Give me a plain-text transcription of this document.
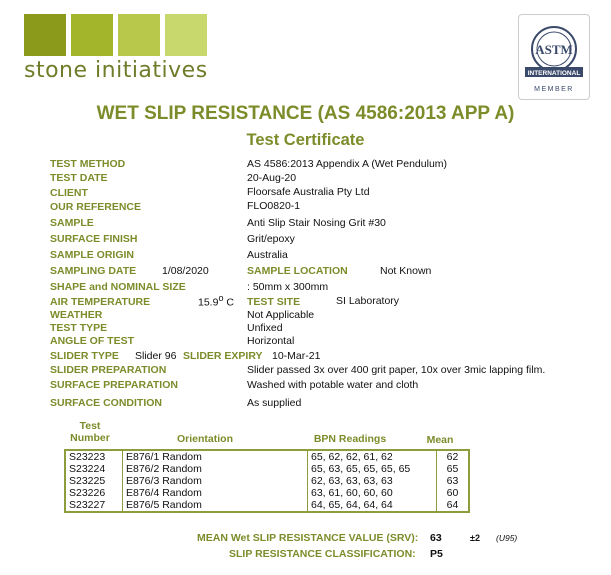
stone initiatives
ASTM
INTERNATIONAL
MEMBER
WET SLIP RESISTANCE (AS 4586:2013 APP A)
Test Certificate
TEST METHOD	AS 4586:2013 Appendix A (Wet Pendulum)
TEST DATE	20-Aug-20
CLIENT	Floorsafe Australia Pty Ltd
OUR REFERENCE	FLO0820-1
SAMPLE	Anti Slip Stair Nosing Grit #30
SURFACE FINISH	Grit/epoxy
SAMPLE ORIGIN	Australia
SAMPLING DATE 1/08/2020	SAMPLE LOCATION	Not Known
SHAPE and NOMINAL SIZE	: 50mm x 300mm
AIR TEMPERATURE	15.9$^o$ C TEST SITE	SI Laboratory
WEATHER	Not Applicable
TEST TYPE	Unfixed
ANGLE OF TEST	Horizontal
SLIDER TYPE Slider 96 SLIDER EXPIRY 10-Mar-21
SLIDER PREPARATION	Slider passed 3x over 400 grit paper, 10x over 3mic lapping film.
SURFACE PREPARATION	Washed with potable water and cloth
SURFACE CONDITION	As supplied
Test
Number	Orientation	BPN Readings	Mean
S23223	E876/1 Random	65, 62, 62, 61, 62	62
S23224	E876/2 Random	65, 63, 65, 65, 65, 65	65
S23225	E876/3 Random	62, 63, 63, 63, 63	63
S23226	E876/4 Random	63, 61, 60, 60, 60	60
S23227	E876/5 Random	64, 65, 64, 64, 64	64
MEAN Wet SLIP RESISTANCE VALUE (SRV): 63	±2 (U95)
SLIP RESISTANCE CLASSIFICATION: P5
